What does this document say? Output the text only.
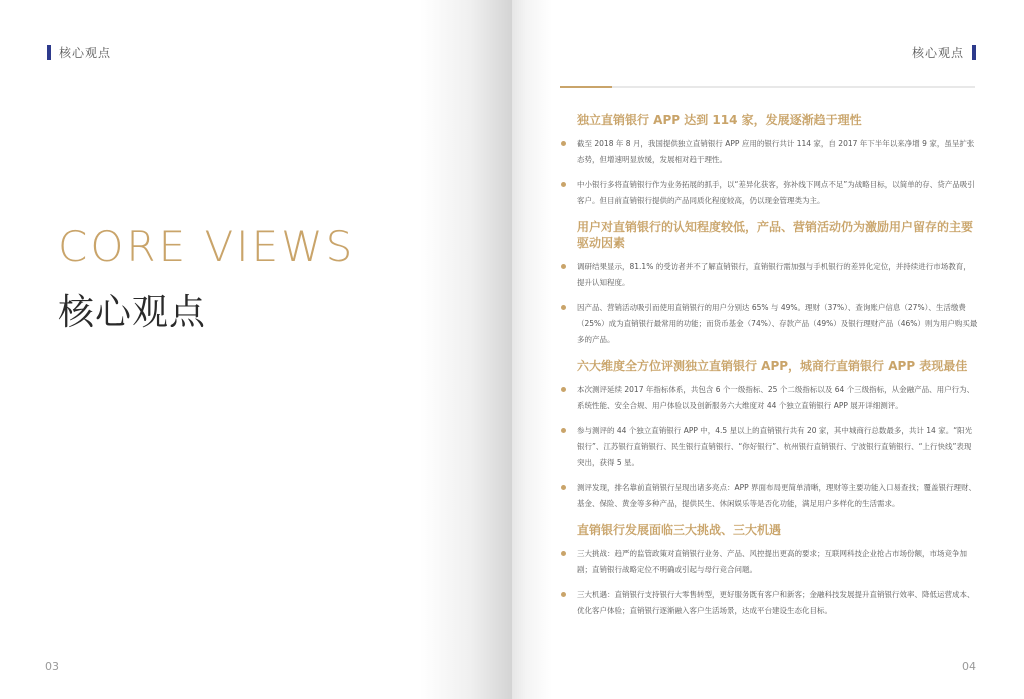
核心观点
CORE VIEWS
核心观点
03
核心观点
04
独立直销银行 APP 达到 114 家，发展逐渐趋于理性
截至 2018 年 8 月，我国提供独立直销银行 APP 应用的银行共计 114 家，自 2017 年下半年以来净增 9 家，虽呈扩张态势，但增速明显放缓，发展相对趋于理性。
中小银行多将直销银行作为业务拓展的抓手，以“差异化获客，弥补线下网点不足”为战略目标，以简单的存、贷产品吸引客户。但目前直销银行提供的产品同质化程度较高，仍以现金管理类为主。
用户对直销银行的认知程度较低，产品、营销活动仍为激励用户留存的主要驱动因素
调研结果显示，81.1% 的受访者并不了解直销银行，直销银行需加强与手机银行的差异化定位，并持续进行市场教育，提升认知程度。
因产品、营销活动吸引而使用直销银行的用户分别达 65% 与 49%。理财（37%）、查询账户信息（27%）、生活缴费（25%）成为直销银行最常用的功能；而货币基金（74%）、存款产品（49%）及银行理财产品（46%）则为用户购买最多的产品。
六大维度全方位评测独立直销银行 APP，城商行直销银行 APP 表现最佳
本次测评延续 2017 年指标体系，共包含 6 个一级指标、25 个二级指标以及 64 个三级指标，从金融产品、用户行为、系统性能、安全合规、用户体验以及创新服务六大维度对 44 个独立直销银行 APP 展开详细测评。
参与测评的 44 个独立直销银行 APP 中，4.5 星以上的直销银行共有 20 家，其中城商行总数最多，共计 14 家。“阳光银行”、江苏银行直销银行、民生银行直销银行、“你好银行”、杭州银行直销银行、宁波银行直销银行、“上行快线”表现突出，获得 5 星。
测评发现，排名靠前直销银行呈现出诸多亮点：APP 界面布局更简单清晰，理财等主要功能入口易查找；覆盖银行理财、基金、保险、黄金等多种产品，提供民生、休闲娱乐等是否化功能，满足用户多样化的生活需求。
直销银行发展面临三大挑战、三大机遇
三大挑战：趋严的监管政策对直销银行业务、产品、风控提出更高的要求；互联网科技企业抢占市场份额，市场竞争加剧；直销银行战略定位不明确或引起与母行竞合问题。
三大机遇：直销银行支持银行大零售转型，更好服务既有客户和新客；金融科技发展提升直销银行效率、降低运营成本、优化客户体验；直销银行逐渐融入客户生活场景，达成平台建设生态化目标。
